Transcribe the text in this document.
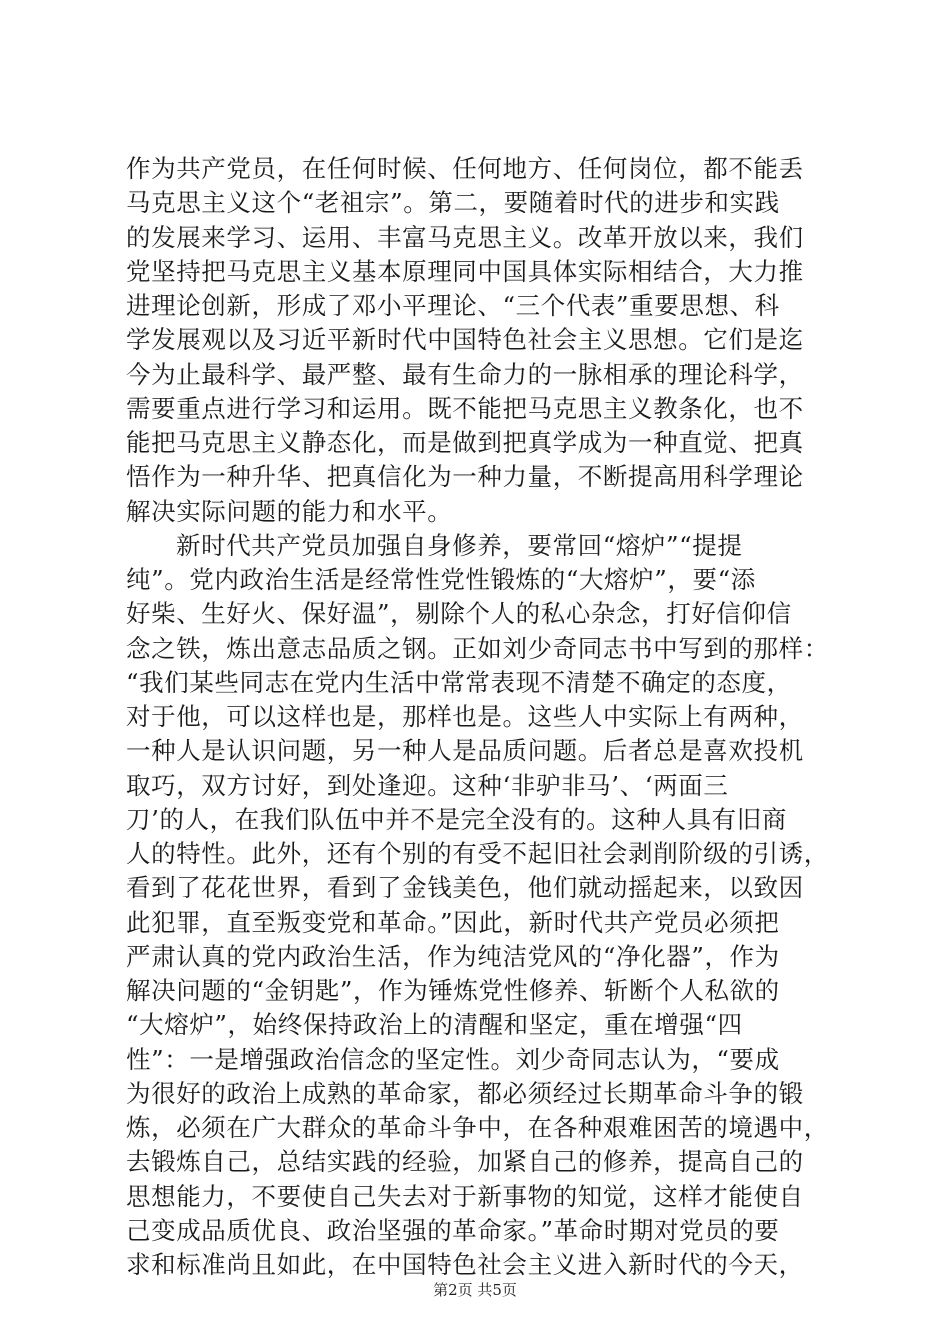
作为共产党员，在任何时候、任何地方、任何岗位，都不能丢
马克思主义这个“老祖宗”。第二，要随着时代的进步和实践
的发展来学习、运用、丰富马克思主义。改革开放以来，我们
党坚持把马克思主义基本原理同中国具体实际相结合，大力推
进理论创新，形成了邓小平理论、“三个代表”重要思想、科
学发展观以及习近平新时代中国特色社会主义思想。它们是迄
今为止最科学、最严整、最有生命力的一脉相承的理论科学，
需要重点进行学习和运用。既不能把马克思主义教条化，也不
能把马克思主义静态化，而是做到把真学成为一种直觉、把真
悟作为一种升华、把真信化为一种力量，不断提高用科学理论
解决实际问题的能力和水平。
新时代共产党员加强自身修养，要常回“熔炉”“提提
纯”。党内政治生活是经常性党性锻炼的“大熔炉”，要“添
好柴、生好火、保好温”，剔除个人的私心杂念，打好信仰信
念之铁，炼出意志品质之钢。正如刘少奇同志书中写到的那样：
“我们某些同志在党内生活中常常表现不清楚不确定的态度，
对于他，可以这样也是，那样也是。这些人中实际上有两种，
一种人是认识问题，另一种人是品质问题。后者总是喜欢投机
取巧，双方讨好，到处逢迎。这种‘非驴非马’、‘两面三
刀’的人，在我们队伍中并不是完全没有的。这种人具有旧商
人的特性。此外，还有个别的有受不起旧社会剥削阶级的引诱，
看到了花花世界，看到了金钱美色，他们就动摇起来，以致因
此犯罪，直至叛变党和革命。”因此，新时代共产党员必须把
严肃认真的党内政治生活，作为纯洁党风的“净化器”，作为
解决问题的“金钥匙”，作为锤炼党性修养、斩断个人私欲的
“大熔炉”，始终保持政治上的清醒和坚定，重在增强“四
性”：一是增强政治信念的坚定性。刘少奇同志认为，“要成
为很好的政治上成熟的革命家，都必须经过长期革命斗争的锻
炼，必须在广大群众的革命斗争中，在各种艰难困苦的境遇中，
去锻炼自己，总结实践的经验，加紧自己的修养，提高自己的
思想能力，不要使自己失去对于新事物的知觉，这样才能使自
己变成品质优良、政治坚强的革命家。”革命时期对党员的要
求和标准尚且如此，在中国特色社会主义进入新时代的今天，
第2页 共5页
